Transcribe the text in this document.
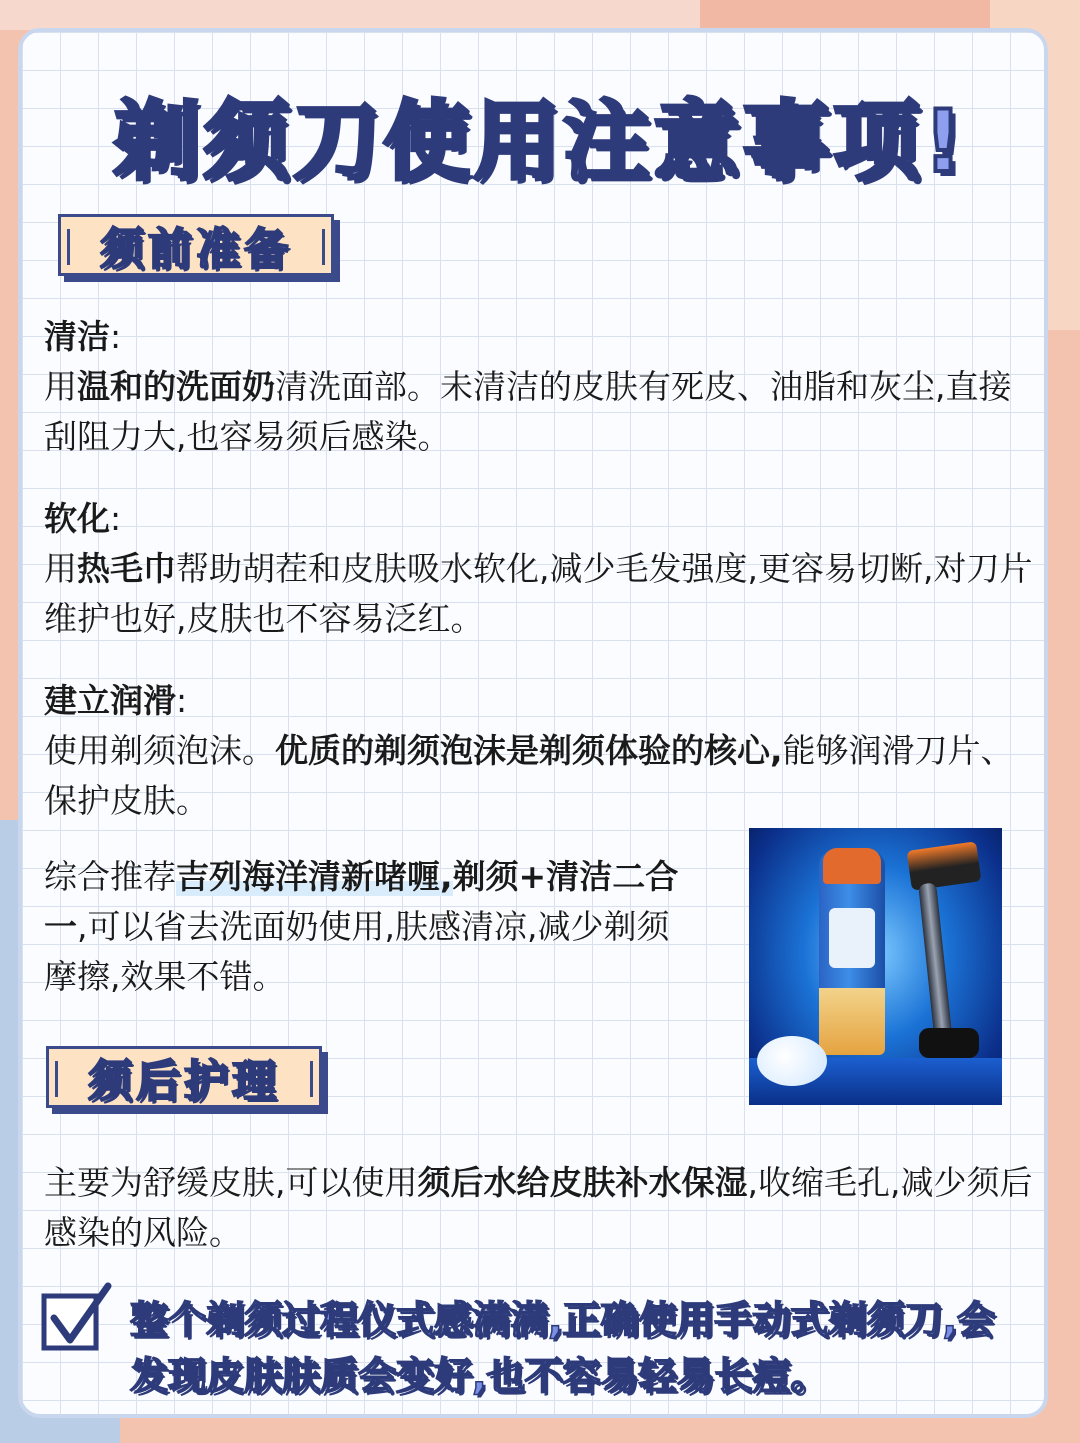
剃须刀使用注意事项!
须前准备
清洁:
用温和的洗面奶清洗面部。未清洁的皮肤有死皮、油脂和灰尘,直接刮阻力大,也容易须后感染。
软化:
用热毛巾帮助胡茬和皮肤吸水软化,减少毛发强度,更容易切断,对刀片维护也好,皮肤也不容易泛红。
建立润滑:
使用剃须泡沫。优质的剃须泡沫是剃须体验的核心,能够润滑刀片、保护皮肤。
综合推荐吉列海洋清新啫喱,剃须+清洁二合一,可以省去洗面奶使用,肤感清凉,减少剃须摩擦,效果不错。
须后护理
主要为舒缓皮肤,可以使用须后水给皮肤补水保湿,收缩毛孔,减少须后感染的风险。
整个剃须过程仪式感满满,正确使用手动式剃须刀,会发现皮肤肤质会变好,也不容易轻易长痘。
